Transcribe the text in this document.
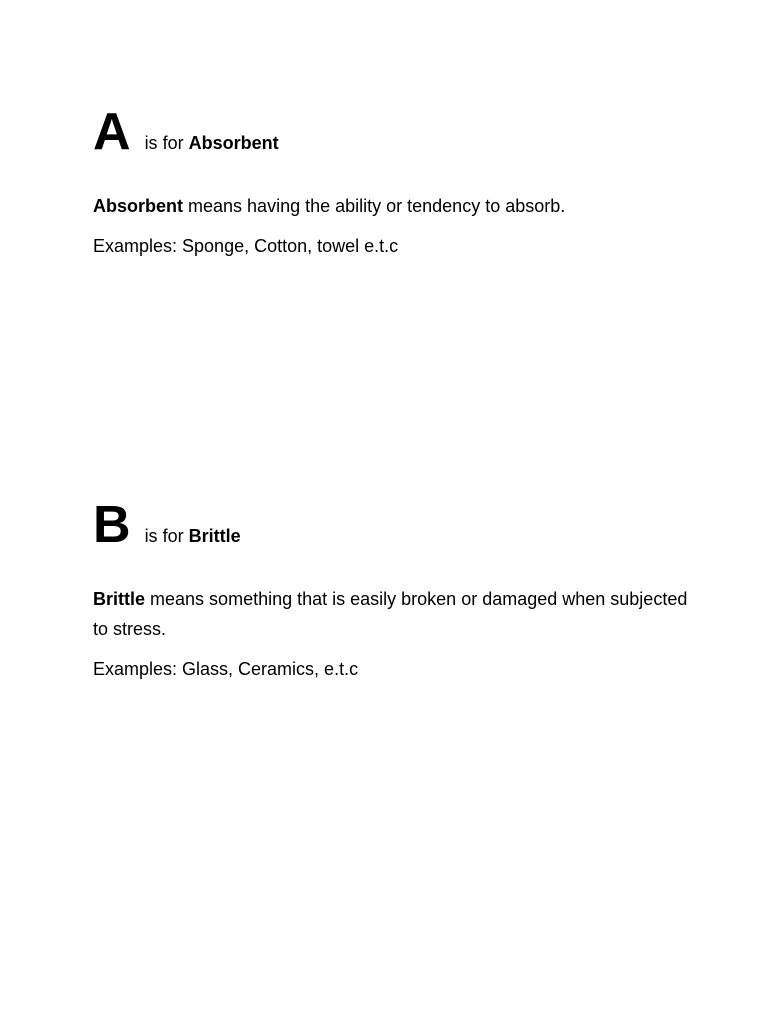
A is for Absorbent

Absorbent means having the ability or tendency to absorb.

Examples: Sponge, Cotton, towel e.t.c

B is for Brittle

Brittle means something that is easily broken or damaged when subjected to stress.

Examples: Glass, Ceramics, e.t.c
